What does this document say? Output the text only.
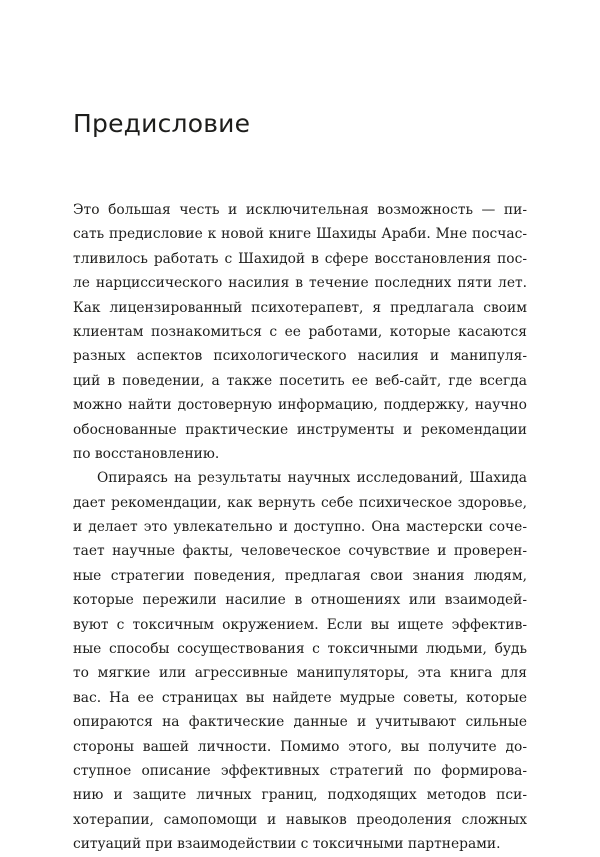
Предисловие
Это большая честь и исключительная возможность — пи-
сать предисловие к новой книге Шахиды Араби. Мне посчас-
тливилось работать с Шахидой в сфере восстановления пос-
ле нарциссического насилия в течение последних пяти лет.
Как лицензированный психотерапевт, я предлагала своим
клиентам познакомиться с ее работами, которые касаются
разных аспектов психологического насилия и манипуля-
ций в поведении, а также посетить ее веб-сайт, где всегда
можно найти достоверную информацию, поддержку, научно
обоснованные практические инструменты и рекомендации
по восстановлению.
Опираясь на результаты научных исследований, Шахида
дает рекомендации, как вернуть себе психическое здоровье,
и делает это увлекательно и доступно. Она мастерски соче-
тает научные факты, человеческое сочувствие и проверен-
ные стратегии поведения, предлагая свои знания людям,
которые пережили насилие в отношениях или взаимодей-
вуют с токсичным окружением. Если вы ищете эффектив-
ные способы сосуществования с токсичными людьми, будь
то мягкие или агрессивные манипуляторы, эта книга для
вас. На ее страницах вы найдете мудрые советы, которые
опираются на фактические данные и учитывают сильные
стороны вашей личности. Помимо этого, вы получите до-
ступное описание эффективных стратегий по формирова-
нию и защите личных границ, подходящих методов пси-
хотерапии, самопомощи и навыков преодоления сложных
ситуаций при взаимодействии с токсичными партнерами.
